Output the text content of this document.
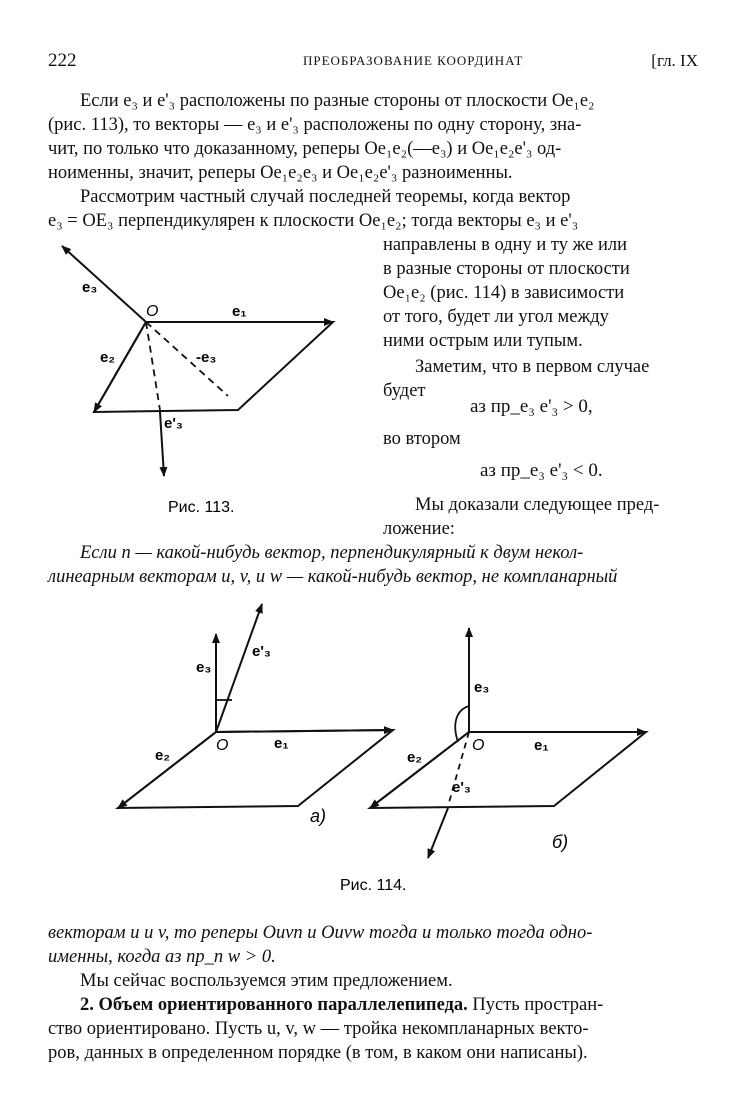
222	ПРЕОБРАЗОВАНИЕ КООРДИНАТ	[гл. IX
Если e₃ и e'₃ расположены по разные стороны от плоскости Oe₁e₂
(рис. 113), то векторы — e₃ и e'₃ расположены по одну сторону, зна-
чит, по только что доказанному, реперы Oe₁e₂(—e₃) и Oe₁e₂e'₃ од-
ноименны, значит, реперы Oe₁e₂e₃ и Oe₁e₂e'₃ разноименны.
Рассмотрим частный случай последней теоремы, когда вектор
e₃ = OE₃ перпендикулярен к плоскости Oe₁e₂; тогда векторы e₃ и e'₃
направлены в одну и ту же или
в разные стороны от плоскости
Oe₁e₂ (рис. 114) в зависимости
от того, будет ли угол между
ними острым или тупым.
Заметим, что в первом случае
будет
аз пр_e₃ e'₃ > 0,
во втором
аз пр_e₃ e'₃ < 0.
Мы доказали следующее пред-
ложение:
Если n — какой-нибудь вектор, перпендикулярный к двум некол-
линеарным векторам u, v, и w — какой-нибудь вектор, не компланарный
e₃
O	e₁
e₂	-e₃
e'₃
Рис. 113.
e'₃
e₃
e₂
O	e₁
а)
e₃
e₂
O	e₁
e'₃
б)
Рис. 114.
векторам u и v, то реперы Ouvn и Ouvw тогда и только тогда одно-
именны, когда аз пр_n w > 0.
Мы сейчас воспользуемся этим предложением.
2. Объем ориентированного параллелепипеда. Пусть простран-
ство ориентировано. Пусть u, v, w — тройка некомпланарных векто-
ров, данных в определенном порядке (в том, в каком они написаны).
